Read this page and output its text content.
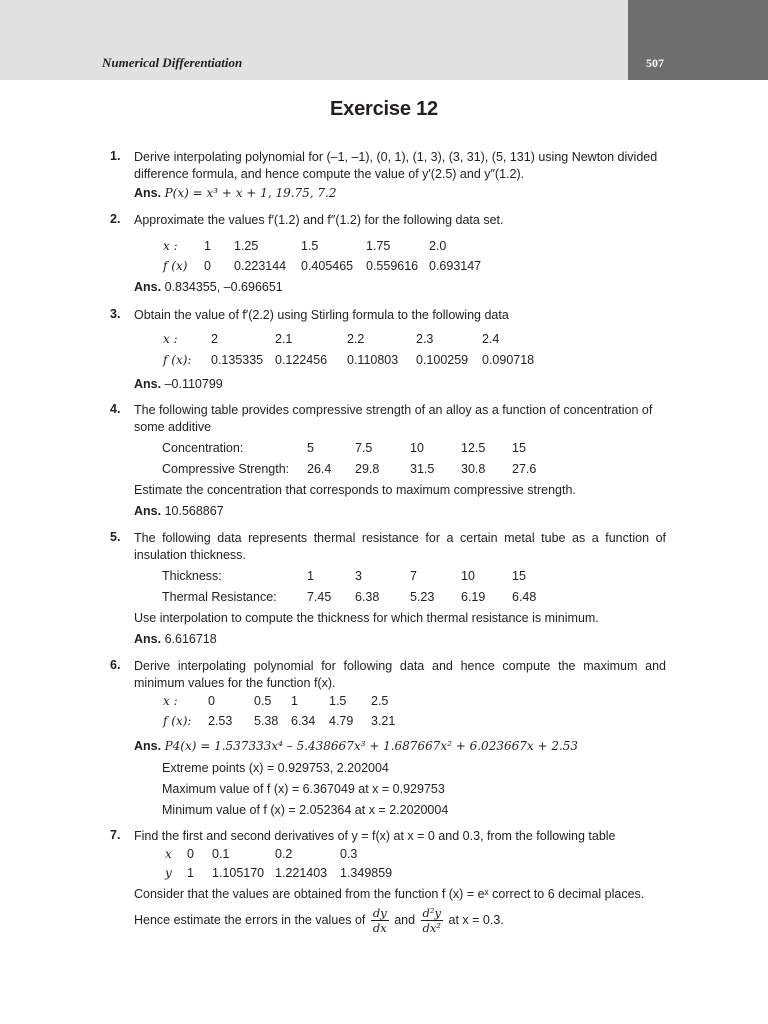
Numerical Differentiation	507
Exercise 12
1. Derive interpolating polynomial for (–1, –1), (0, 1), (1, 3), (3, 31), (5, 131) using Newton divided difference formula, and hence compute the value of y′(2.5) and y″(1.2).
Ans. P(x) = x³ + x + 1, 19.75, 7.2
2. Approximate the values f′(1.2) and f″(1.2) for the following data set.
x : 1 1.25	1.5	1.75	2.0
f (x) 0 0.223144 0.405465 0.559616 0.693147
Ans. 0.834355, –0.696651
3. Obtain the value of f′(2.2) using Stirling formula to the following data
x :	2	2.1	2.2	2.3	2.4
f (x): 0.135335 0.122456 0.110803 0.100259 0.090718
Ans. –0.110799
4. The following table provides compressive strength of an alloy as a function of concentration of some additive
Concentration:	5	7.5	10	12.5 15
Compressive Strength: 26.4 29.8 31.5 30.8 27.6
Estimate the concentration that corresponds to maximum compressive strength.
Ans. 10.568867
5. The following data represents thermal resistance for a certain metal tube as a function of insulation thickness.
Thickness:	1	3	7	10	15
Thermal Resistance: 7.45 6.38 5.23 6.19 6.48
Use interpolation to compute the thickness for which thermal resistance is minimum.
Ans. 6.616718
6. Derive interpolating polynomial for following data and hence compute the maximum and minimum values for the function f(x).
x : 0	0.5 1 1.5 2.5
f (x): 2.53 5.38 6.34 4.79 3.21
Ans. P4(x) = 1.537333x⁴ – 5.438667x³ + 1.687667x² + 6.023667x + 2.53
Extreme points (x) = 0.929753, 2.202004
Maximum value of f (x) = 6.367049 at x = 0.929753
Minimum value of f (x) = 2.052364 at x = 2.2020004
7. Find the first and second derivatives of y = f(x) at x = 0 and 0.3, from the following table
x 0 0.1	0.2	0.3
y 1 1.105170 1.221403 1.349859
Consider that the values are obtained from the function f (x) = eˣ correct to 6 decimal places.
Hence estimate the errors in the values of $\frac{dy}{dx}$ and $\frac{\text{d²y}}{\text{dx²}}$ at x = 0.3.
